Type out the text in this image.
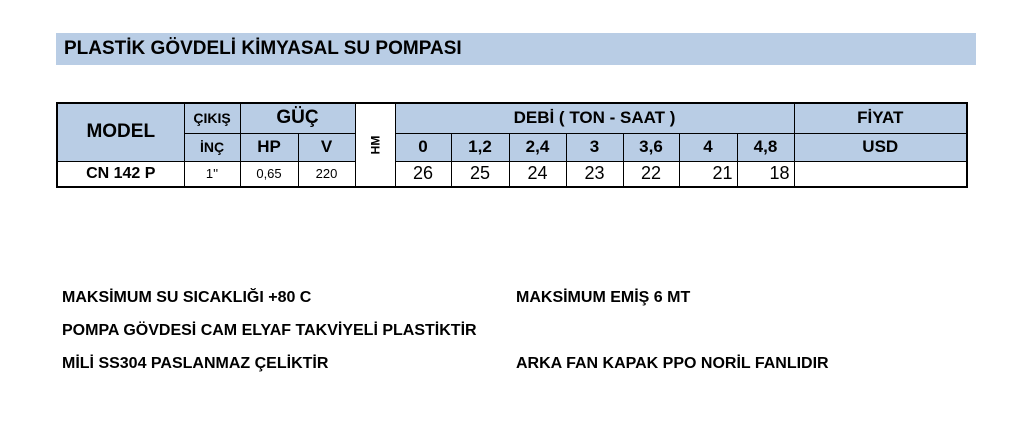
PLASTİK GÖVDELİ KİMYASAL SU POMPASI
MODEL	ÇIKIŞ	GÜÇ		HM	DEBİ ( TON - SAAT )							FİYAT
	İNÇ	HP	V		0	1,2	2,4	3	3,6	4	4,8	USD
CN 142 P	1''	0,65	220		26	25	24	23	22	21	18	
MAKSİMUM SU SICAKLIĞI +80 C	MAKSİMUM EMİŞ 6 MT
POMPA GÖVDESİ CAM ELYAF TAKVİYELİ PLASTİKTİR
MİLİ SS304 PASLANMAZ ÇELİKTİR	ARKA FAN KAPAK PPO NORİL FANLIDIR
